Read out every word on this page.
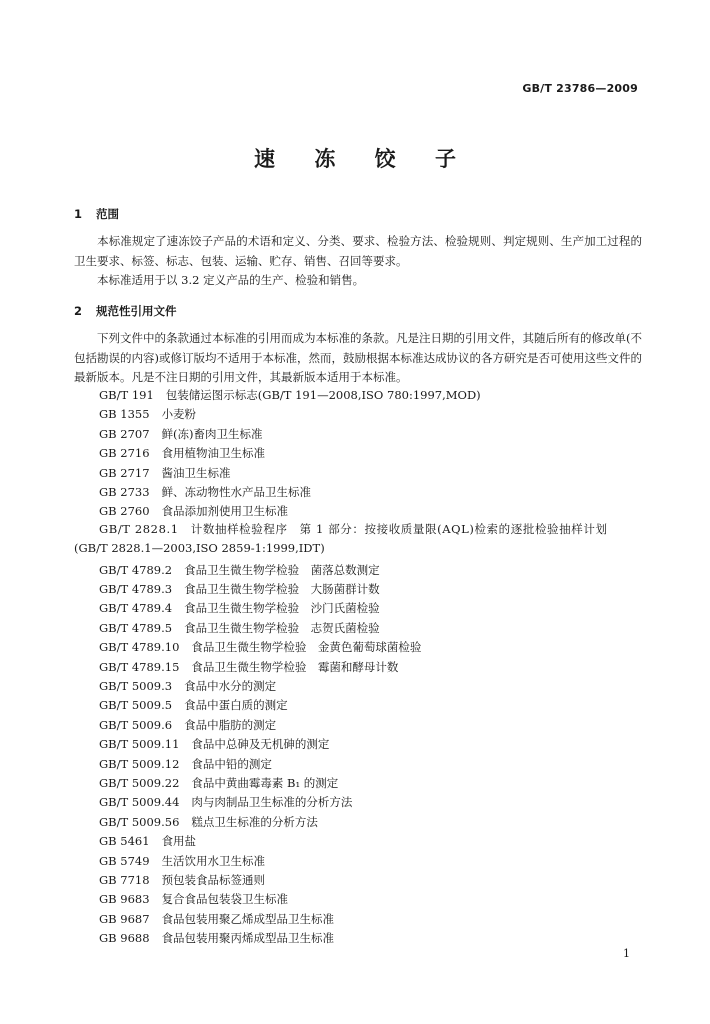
GB/T 23786—2009
速 冻 饺 子
1 范围
本标准规定了速冻饺子产品的术语和定义、分类、要求、检验方法、检验规则、判定规则、生产加工过程的卫生要求、标签、标志、包装、运输、贮存、销售、召回等要求。
本标准适用于以 3.2 定义产品的生产、检验和销售。
2 规范性引用文件
下列文件中的条款通过本标准的引用而成为本标准的条款。凡是注日期的引用文件，其随后所有的修改单(不包括勘误的内容)或修订版均不适用于本标准，然而，鼓励根据本标准达成协议的各方研究是否可使用这些文件的最新版本。凡是不注日期的引用文件，其最新版本适用于本标准。
GB/T 191 包装储运图示标志(GB/T 191—2008,ISO 780:1997,MOD)
GB 1355 小麦粉
GB 2707 鲜(冻)畜肉卫生标准
GB 2716 食用植物油卫生标准
GB 2717 酱油卫生标准
GB 2733 鲜、冻动物性水产品卫生标准
GB 2760 食品添加剂使用卫生标准
GB/T 2828.1　计数抽样检验程序　第 1 部分：按接收质量限(AQL)检索的逐批检验抽样计划
(GB/T 2828.1—2003,ISO 2859-1:1999,IDT)
GB/T 4789.2 食品卫生微生物学检验　菌落总数测定
GB/T 4789.3 食品卫生微生物学检验　大肠菌群计数
GB/T 4789.4 食品卫生微生物学检验　沙门氏菌检验
GB/T 4789.5 食品卫生微生物学检验　志贺氏菌检验
GB/T 4789.10 食品卫生微生物学检验　金黄色葡萄球菌检验
GB/T 4789.15 食品卫生微生物学检验　霉菌和酵母计数
GB/T 5009.3 食品中水分的测定
GB/T 5009.5 食品中蛋白质的测定
GB/T 5009.6 食品中脂肪的测定
GB/T 5009.11 食品中总砷及无机砷的测定
GB/T 5009.12 食品中铅的测定
GB/T 5009.22 食品中黄曲霉毒素 B₁ 的测定
GB/T 5009.44 肉与肉制品卫生标准的分析方法
GB/T 5009.56 糕点卫生标准的分析方法
GB 5461 食用盐
GB 5749 生活饮用水卫生标准
GB 7718 预包装食品标签通则
GB 9683 复合食品包装袋卫生标准
GB 9687 食品包装用聚乙烯成型品卫生标准
GB 9688 食品包装用聚丙烯成型品卫生标准
1
